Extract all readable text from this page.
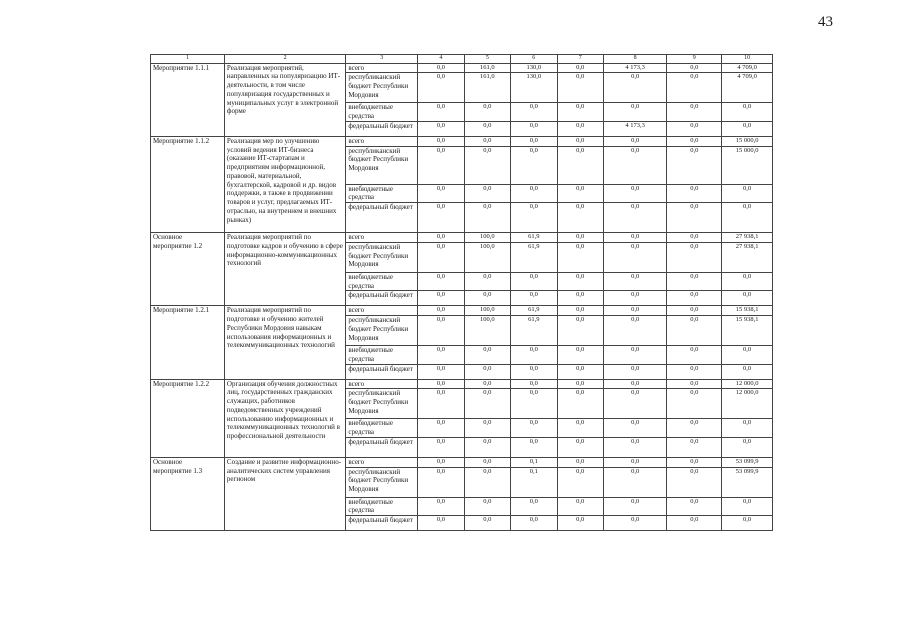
43
1	2	3	4	5	6	7	8	9	10
Мероприятие 1.1.1	Реализация мероприятий, направленных на популяризацию ИТ-деятельности, в том числе популяризация государственных и муниципальных услуг в электронной форме	всего	0,0	161,0	130,0	0,0	4 173,3	0,0	4 709,0
		республиканский бюджет Республики Мордовия	0,0	161,0	130,0	0,0	0,0	0,0	4 709,0
		внебюджетные средства	0,0	0,0	0,0	0,0	0,0	0,0	0,0
		федеральный бюджет	0,0	0,0	0,0	0,0	4 173,3	0,0	0,0
Мероприятие 1.1.2	Реализация мер по улучшению условий ведения ИТ-бизнеса (оказание ИТ-стартапам и предприятиям информационной, правовой, материальной, бухгалтерской, кадровой и др. видов поддержки, в также в продвижении товаров и услуг, предлагаемых ИТ-отраслью, на внутреннем и внешних рынках)	всего	0,0	0,0	0,0	0,0	0,0	0,0	15 000,0
		республиканский бюджет Республики Мордовия	0,0	0,0	0,0	0,0	0,0	0,0	15 000,0
		внебюджетные средства	0,0	0,0	0,0	0,0	0,0	0,0	0,0
		федеральный бюджет	0,0	0,0	0,0	0,0	0,0	0,0	0,0
Основное мероприятие 1.2	Реализация мероприятий по подготовке кадров и обучению в сфере информационно-коммуникационных технологий	всего	0,0	100,0	61,9	0,0	0,0	0,0	27 938,1
		республиканский бюджет Республики Мордовия	0,0	100,0	61,9	0,0	0,0	0,0	27 938,1
		внебюджетные средства	0,0	0,0	0,0	0,0	0,0	0,0	0,0
		федеральный бюджет	0,0	0,0	0,0	0,0	0,0	0,0	0,0
Мероприятие 1.2.1	Реализация мероприятий по подготовке и обучению жителей Республики Мордовия навыкам использования информационных и телекоммуникационных технологий	всего	0,0	100,0	61,9	0,0	0,0	0,0	15 938,1
		республиканский бюджет Республики Мордовия	0,0	100,0	61,9	0,0	0,0	0,0	15 938,1
		внебюджетные средства	0,0	0,0	0,0	0,0	0,0	0,0	0,0
		федеральный бюджет	0,0	0,0	0,0	0,0	0,0	0,0	0,0
Мероприятие 1.2.2	Организация обучения должностных лиц, государственных гражданских служащих, работников подведомственных учреждений использованию информационных и телекоммуникационных технологий в профессиональной деятельности	всего	0,0	0,0	0,0	0,0	0,0	0,0	12 000,0
		республиканский бюджет Республики Мордовия	0,0	0,0	0,0	0,0	0,0	0,0	12 000,0
		внебюджетные средства	0,0	0,0	0,0	0,0	0,0	0,0	0,0
		федеральный бюджет	0,0	0,0	0,0	0,0	0,0	0,0	0,0
Основное мероприятие 1.3	Создание и развитие информационно-аналитических систем управления регионом	всего	0,0	0,0	0,1	0,0	0,0	0,0	53 099,9
		республиканский бюджет Республики Мордовия	0,0	0,0	0,1	0,0	0,0	0,0	53 099,9
		внебюджетные средства	0,0	0,0	0,0	0,0	0,0	0,0	0,0
		федеральный бюджет	0,0	0,0	0,0	0,0	0,0	0,0	0,0
